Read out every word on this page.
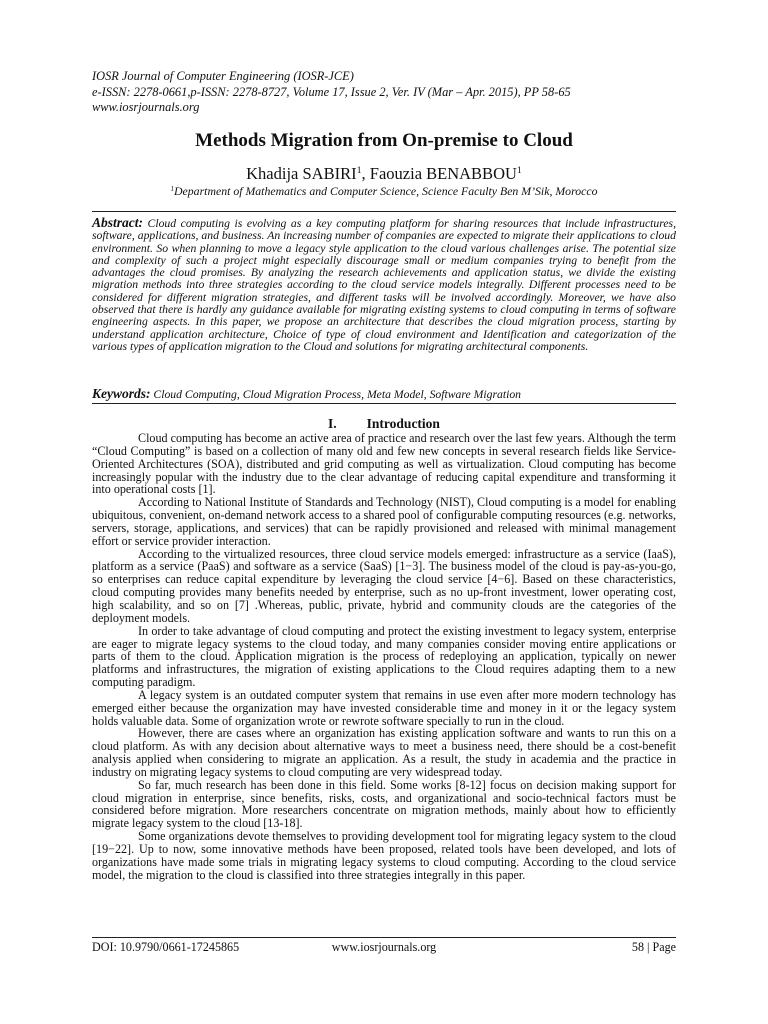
IOSR Journal of Computer Engineering (IOSR-JCE)
e-ISSN: 2278-0661,p-ISSN: 2278-8727, Volume 17, Issue 2, Ver. IV (Mar – Apr. 2015), PP 58-65
www.iosrjournals.org
Methods Migration from On-premise to Cloud
Khadija SABIRI$^1$, Faouzia BENABBOU$^1$
$^1$Department of Mathematics and Computer Science, Science Faculty Ben M’Sik, Morocco
Abstract: Cloud computing is evolving as a key computing platform for sharing resources that include infrastructures, software, applications, and business. An increasing number of companies are expected to migrate their applications to cloud environment. So when planning to move a legacy style application to the cloud various challenges arise. The potential size and complexity of such a project might especially discourage small or medium companies trying to benefit from the advantages the cloud promises. By analyzing the research achievements and application status, we divide the existing migration methods into three strategies according to the cloud service models integrally. Different processes need to be considered for different migration strategies, and different tasks will be involved accordingly. Moreover, we have also observed that there is hardly any guidance available for migrating existing systems to cloud computing in terms of software engineering aspects. In this paper, we propose an architecture that describes the cloud migration process, starting by understand application architecture, Choice of type of cloud environment and Identification and categorization of the various types of application migration to the Cloud and solutions for migrating architectural components.
Keywords: Cloud Computing, Cloud Migration Process, Meta Model, Software Migration
I. Introduction

Cloud computing has become an active area of practice and research over the last few years. Although the term “Cloud Computing” is based on a collection of many old and few new concepts in several research fields like Service-Oriented Architectures (SOA), distributed and grid computing as well as virtualization. Cloud computing has become increasingly popular with the industry due to the clear advantage of reducing capital expenditure and transforming it into operational costs [1].

According to National Institute of Standards and Technology (NIST), Cloud computing is a model for enabling ubiquitous, convenient, on-demand network access to a shared pool of configurable computing resources (e.g. networks, servers, storage, applications, and services) that can be rapidly provisioned and released with minimal management effort or service provider interaction.

According to the virtualized resources, three cloud service models emerged: infrastructure as a service (IaaS), platform as a service (PaaS) and software as a service (SaaS) [1−3]. The business model of the cloud is pay-as-you-go, so enterprises can reduce capital expenditure by leveraging the cloud service [4−6]. Based on these characteristics, cloud computing provides many benefits needed by enterprise, such as no up-front investment, lower operating cost, high scalability, and so on [7] .Whereas, public, private, hybrid and community clouds are the categories of the deployment models.

In order to take advantage of cloud computing and protect the existing investment to legacy system, enterprise are eager to migrate legacy systems to the cloud today, and many companies consider moving entire applications or parts of them to the cloud. Application migration is the process of redeploying an application, typically on newer platforms and infrastructures, the migration of existing applications to the Cloud requires adapting them to a new computing paradigm.

A legacy system is an outdated computer system that remains in use even after more modern technology has emerged either because the organization may have invested considerable time and money in it or the legacy system holds valuable data. Some of organization wrote or rewrote software specially to run in the cloud.

However, there are cases where an organization has existing application software and wants to run this on a cloud platform. As with any decision about alternative ways to meet a business need, there should be a cost-benefit analysis applied when considering to migrate an application. As a result, the study in academia and the practice in industry on migrating legacy systems to cloud computing are very widespread today.

So far, much research has been done in this field. Some works [8-12] focus on decision making support for cloud migration in enterprise, since benefits, risks, costs, and organizational and socio-technical factors must be considered before migration. More researchers concentrate on migration methods, mainly about how to efficiently migrate legacy system to the cloud [13-18].

Some organizations devote themselves to providing development tool for migrating legacy system to the cloud [19−22]. Up to now, some innovative methods have been proposed, related tools have been developed, and lots of organizations have made some trials in migrating legacy systems to cloud computing. According to the cloud service model, the migration to the cloud is classified into three strategies integrally in this paper.

DOI: 10.9790/0661-17245865	www.iosrjournals.org	58 | Page
